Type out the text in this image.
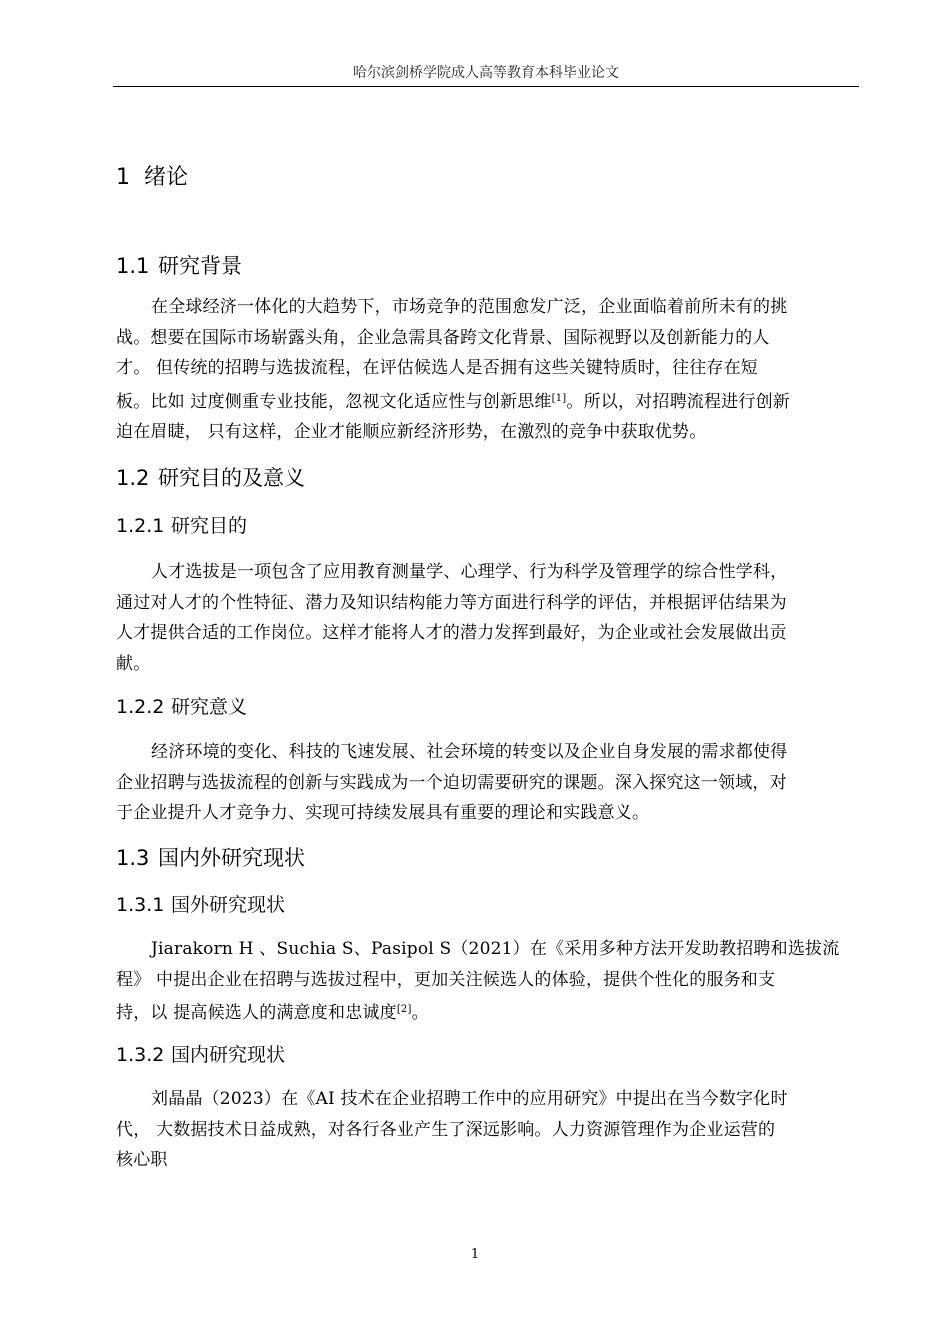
哈尔滨剑桥学院成人高等教育本科毕业论文
1 绪论
1.1 研究背景
在全球经济一体化的大趋势下，市场竞争的范围愈发广泛，企业面临着前所未有的挑
战。想要在国际市场崭露头角，企业急需具备跨文化背景、国际视野以及创新能力的人
才。 但传统的招聘与选拔流程，在评估候选人是否拥有这些关键特质时，往往存在短
板。比如 过度侧重专业技能，忽视文化适应性与创新思维[1]。所以，对招聘流程进行创新
迫在眉睫， 只有这样，企业才能顺应新经济形势，在激烈的竞争中获取优势。
1.2 研究目的及意义
1.2.1 研究目的
人才选拔是一项包含了应用教育测量学、心理学、行为科学及管理学的综合性学科，
通过对人才的个性特征、潜力及知识结构能力等方面进行科学的评估，并根据评估结果为
人才提供合适的工作岗位。这样才能将人才的潜力发挥到最好，为企业或社会发展做出贡
献。
1.2.2 研究意义
经济环境的变化、科技的飞速发展、社会环境的转变以及企业自身发展的需求都使得
企业招聘与选拔流程的创新与实践成为一个迫切需要研究的课题。深入探究这一领域，对
于企业提升人才竞争力、实现可持续发展具有重要的理论和实践意义。
1.3 国内外研究现状
1.3.1 国外研究现状
Jiarakorn H 、Suchia S、Pasipol S（2021）在《采用多种方法开发助教招聘和选拔流
程》 中提出企业在招聘与选拔过程中，更加关注候选人的体验，提供个性化的服务和支
持，以 提高候选人的满意度和忠诚度[2]。
1.3.2 国内研究现状
刘晶晶（2023）在《AI 技术在企业招聘工作中的应用研究》中提出在当今数字化时
代， 大数据技术日益成熟，对各行各业产生了深远影响。人力资源管理作为企业运营的
核心职
1
